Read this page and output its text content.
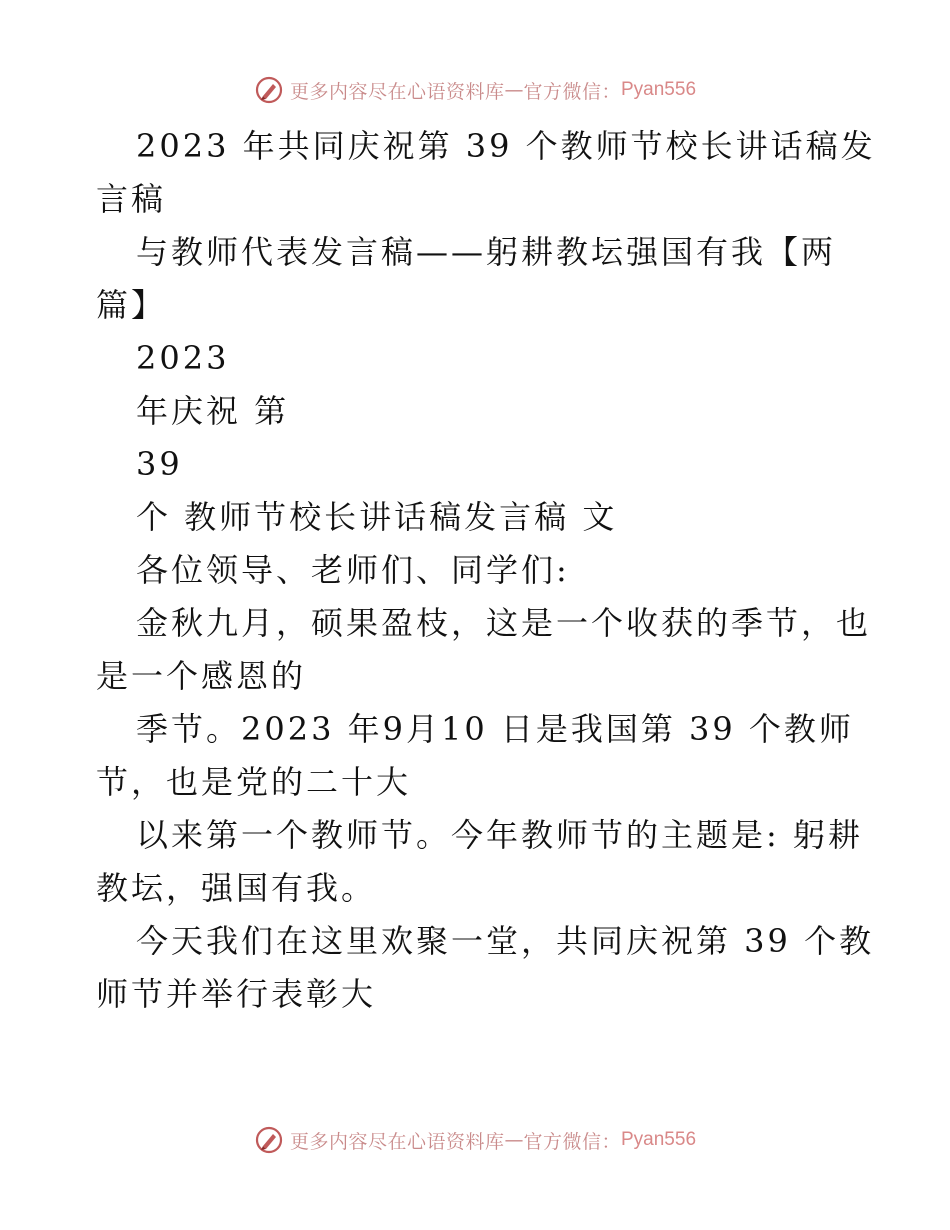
更多内容尽在心语资料库 — 官方微信： Pyan556
2023 年共同庆祝第 39 个教师节校长讲话稿发
言稿
与教师代表发言稿——躬耕教坛强国有我【两
篇】
2023
年庆祝 第
39
个 教师节校长讲话稿发言稿 文
各位领导、老师们、同学们:
金秋九月，硕果盈枝，这是一个收获的季节，也
是一个感恩的
季节。2023 年9月10 日是我国第 39 个教师
节，也是党的二十大
以来第一个教师节。今年教师节的主题是: 躬耕
教坛，强国有我。
今天我们在这里欢聚一堂，共同庆祝第 39 个教
师节并举行表彰大
更多内容尽在心语资料库 — 官方微信： Pyan556
